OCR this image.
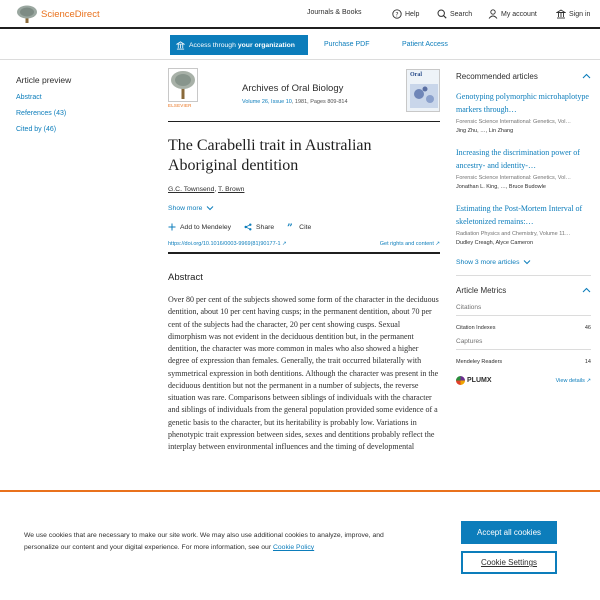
ScienceDirect	Journals & Books	? Help	Search	My account	Sign in
Access through your organization	Purchase PDF	Patient Access
Article preview
Abstract
References (43)
Cited by (46)
ELSEVIER
Archives of Oral Biology
Volume 26, Issue 10, 1981, Pages 809-814
Oral
The Carabelli trait in Australian Aboriginal dentition
G.C. Townsend, T. Brown
Show more
Add to Mendeley	Share ” Cite
https://doi.org/10.1016/0003-9969(81)90177-1 ↗	Get rights and content ↗
Abstract

Over 80 per cent of the subjects showed some form of the character in the deciduous dentition, about 10 per cent having cusps; in the permanent dentition, about 70 per cent of the subjects had the character, 20 per cent showing cusps. Sexual dimorphism was not evident in the deciduous dentition but, in the permanent dentition, the character was more common in males who also showed a higher degree of expression than females. Generally, the trait occurred bilaterally with symmetrical expression in both dentitions. Although the character was present in the deciduous dentition but not the permanent in a number of subjects, the reverse situation was rare. Comparisons between siblings of individuals with the character and siblings of individuals from the general population provided some evidence of a genetic basis to the character, but its heritability is probably low. Variations in phenotypic trait expression between sides, sexes and dentitions probably reflect the interplay between environmental influences and the timing of developmental

Recommended articles
Genotyping polymorphic microhaplotype markers through…
Forensic Science International: Genetics, Vol…
Jing Zhu, …, Lin Zhang
Increasing the discrimination power of ancestry- and identity-…
Forensic Science International: Genetics, Vol…
Jonathan L. King, …, Bruce Budowle
Estimating the Post-Mortem Interval of skeletonized remains:…
Radiation Physics and Chemistry, Volume 11…
Dudley Creagh, Alyce Cameron
Show 3 more articles
Article Metrics
Citations
Citation Indexes	46
Captures
Mendeley Readers	14
PLUMX	View details ↗
We use cookies that are necessary to make our site work. We may also use additional cookies to analyze, improve, and personalize our content and your digital experience. For more information, see our Cookie Policy
Accept all cookies
Cookie Settings
